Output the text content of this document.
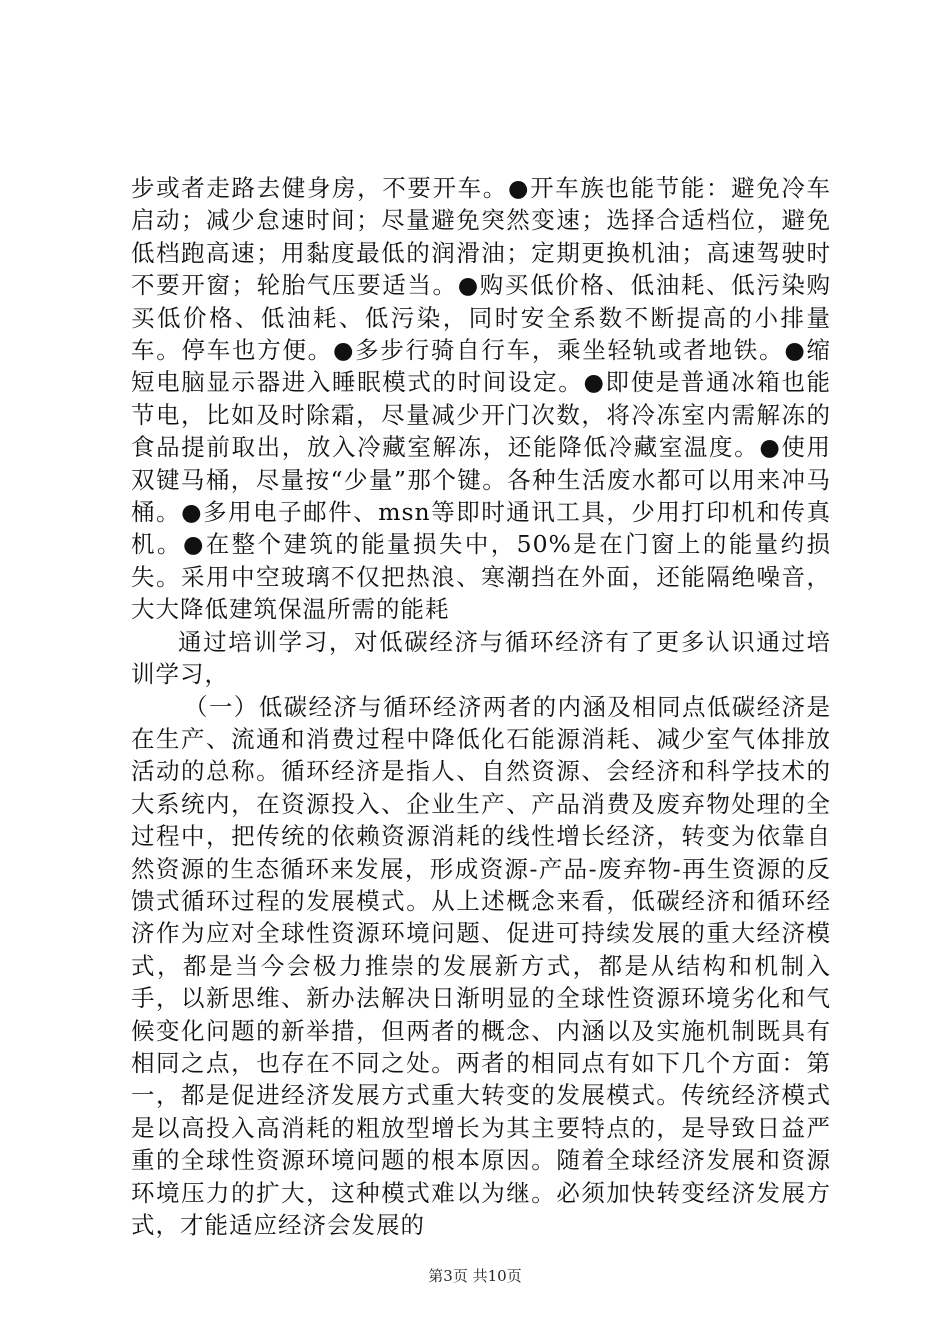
步或者走路去健身房，不要开车。●开车族也能节能：避免冷车启动；减少怠速时间；尽量避免突然变速；选择合适档位，避免低档跑高速；用黏度最低的润滑油；定期更换机油；高速驾驶时不要开窗；轮胎气压要适当。●购买低价格、低油耗、低污染购买低价格、低油耗、低污染，同时安全系数不断提高的小排量车。停车也方便。●多步行骑自行车，乘坐轻轨或者地铁。●缩短电脑显示器进入睡眠模式的时间设定。●即使是普通冰箱也能节电，比如及时除霜，尽量减少开门次数，将冷冻室内需解冻的食品提前取出，放入冷藏室解冻，还能降低冷藏室温度。●使用双键马桶，尽量按“少量”那个键。各种生活废水都可以用来冲马桶。●多用电子邮件、msn等即时通讯工具，少用打印机和传真机。●在整个建筑的能量损失中，50%是在门窗上的能量约损失。采用中空玻璃不仅把热浪、寒潮挡在外面，还能隔绝噪音，大大降低建筑保温所需的能耗

通过培训学习，对低碳经济与循环经济有了更多认识通过培训学习，

（一）低碳经济与循环经济两者的内涵及相同点低碳经济是在生产、流通和消费过程中降低化石能源消耗、减少室气体排放活动的总称。循环经济是指人、自然资源、会经济和科学技术的大系统内，在资源投入、企业生产、产品消费及废弃物处理的全过程中，把传统的依赖资源消耗的线性增长经济，转变为依靠自然资源的生态循环来发展，形成资源-产品-废弃物-再生资源的反馈式循环过程的发展模式。从上述概念来看，低碳经济和循环经济作为应对全球性资源环境问题、促进可持续发展的重大经济模式，都是当今会极力推崇的发展新方式，都是从结构和机制入手，以新思维、新办法解决日渐明显的全球性资源环境劣化和气候变化问题的新举措，但两者的概念、内涵以及实施机制既具有相同之点，也存在不同之处。两者的相同点有如下几个方面：第一，都是促进经济发展方式重大转变的发展模式。传统经济模式是以高投入高消耗的粗放型增长为其主要特点的，是导致日益严重的全球性资源环境问题的根本原因。随着全球经济发展和资源环境压力的扩大，这种模式难以为继。必须加快转变经济发展方式，才能适应经济会发展的

第3页 共10页
